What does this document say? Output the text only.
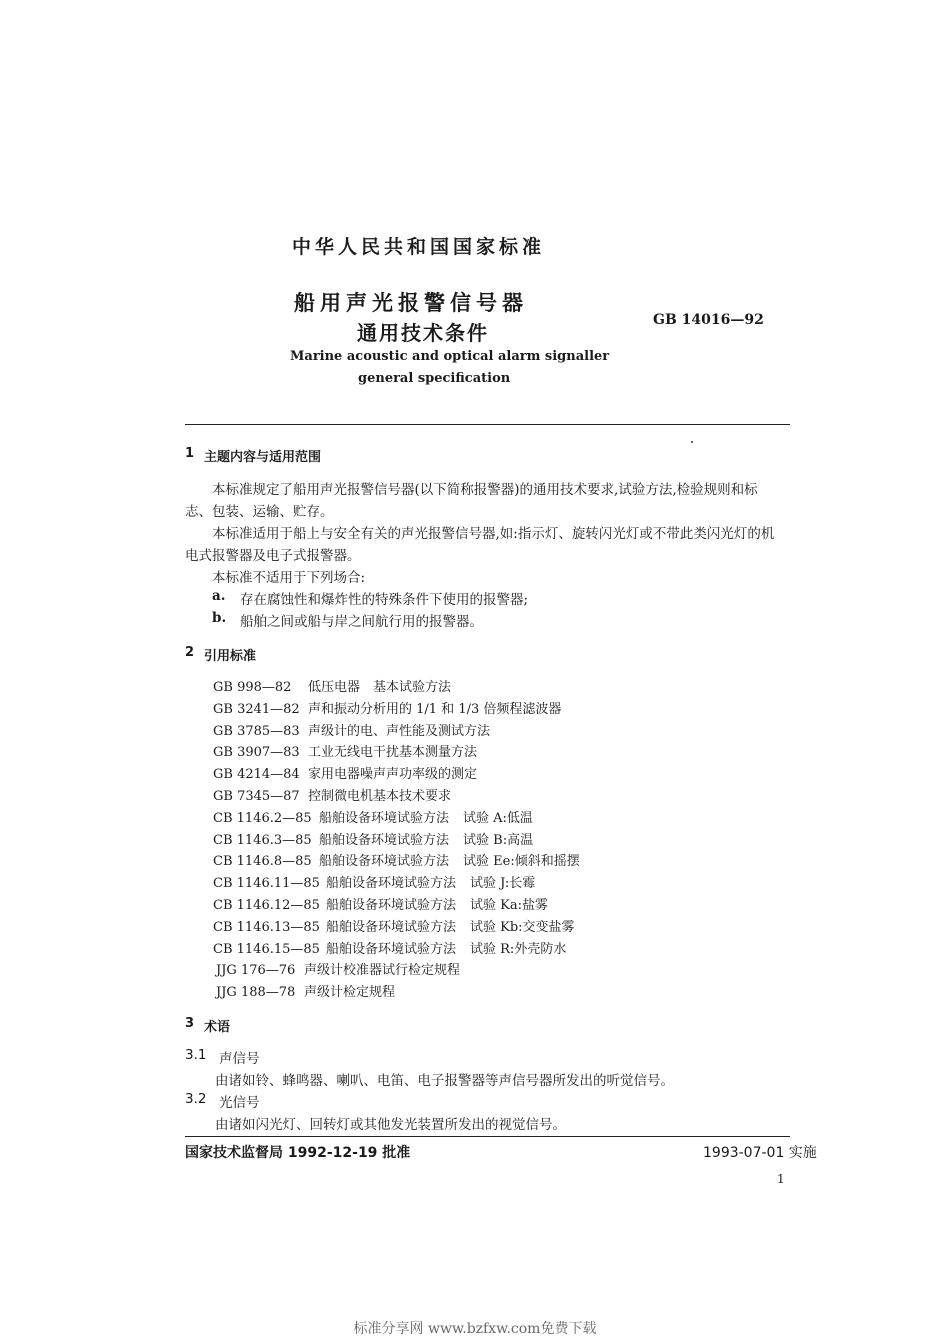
中华人民共和国国家标准
船用声光报警信号器
通用技术条件
GB 14016—92
Marine acoustic and optical alarm signaller
general specification
1 主题内容与适用范围
本标准规定了船用声光报警信号器(以下简称报警器)的通用技术要求,试验方法,检验规则和标
志、包装、运输、贮存。
本标准适用于船上与安全有关的声光报警信号器,如:指示灯、旋转闪光灯或不带此类闪光灯的机
电式报警器及电子式报警器。
本标准不适用于下列场合:
a. 存在腐蚀性和爆炸性的特殊条件下使用的报警器;
b. 船舶之间或船与岸之间航行用的报警器。
2 引用标准
GB 998—82 低压电器　基本试验方法
GB 3241—82 声和振动分析用的 1/1 和 1/3 倍频程滤波器
GB 3785—83 声级计的电、声性能及测试方法
GB 3907—83 工业无线电干扰基本测量方法
GB 4214—84 家用电器噪声声功率级的测定
GB 7345—87 控制微电机基本技术要求
CB 1146.2—85 船舶设备环境试验方法 试验 A:低温
CB 1146.3—85 船舶设备环境试验方法 试验 B:高温
CB 1146.8—85 船舶设备环境试验方法 试验 Ee:倾斜和摇摆
CB 1146.11—85 船舶设备环境试验方法 试验 J:长霉
CB 1146.12—85 船舶设备环境试验方法 试验 Ka:盐雾
CB 1146.13—85 船舶设备环境试验方法 试验 Kb:交变盐雾
CB 1146.15—85 船舶设备环境试验方法 试验 R:外壳防水
JJG 176—76 声级计校准器试行检定规程
JJG 188—78 声级计检定规程
3 术语
3.1 声信号
由诸如铃、蜂鸣器、喇叭、电笛、电子报警器等声信号器所发出的听觉信号。
3.2 光信号
由诸如闪光灯、回转灯或其他发光装置所发出的视觉信号。
国家技术监督局 1992-12-19 批准	1993-07-01 实施
1
标准分享网 www.bzfxw.com免费下载
